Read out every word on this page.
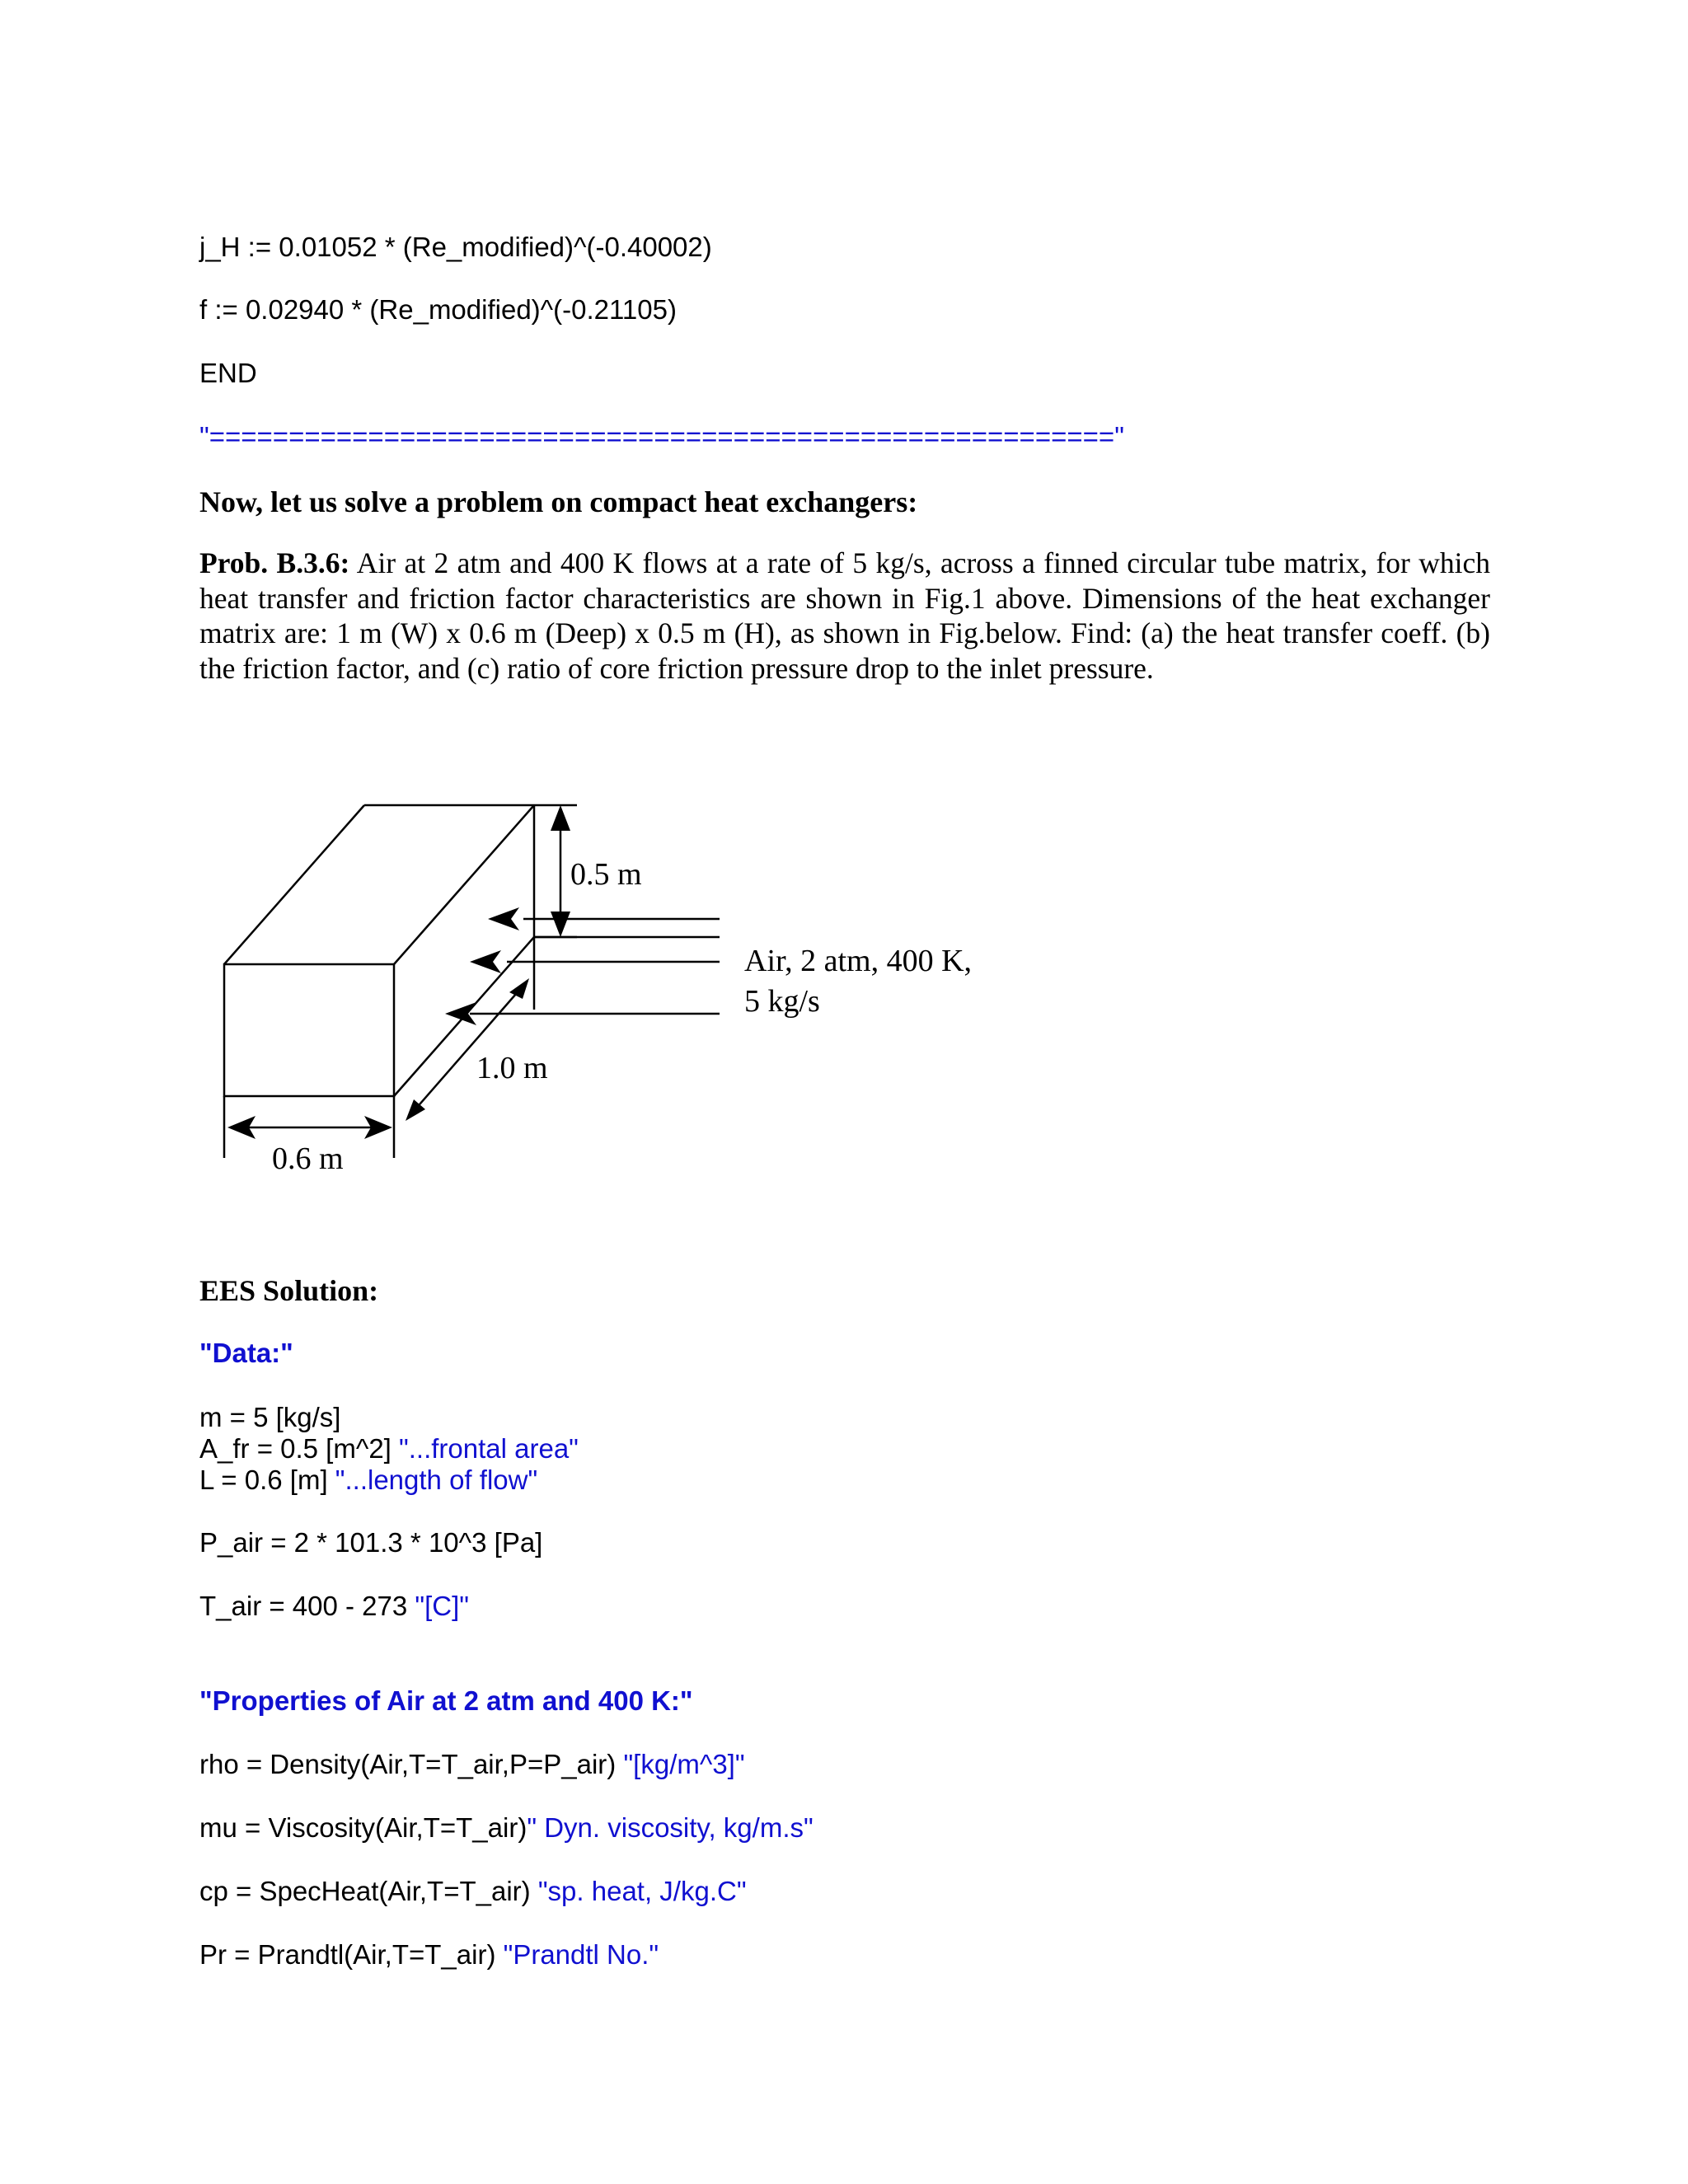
j_H := 0.01052 * (Re_modified)^(-0.40002)
f := 0.02940 * (Re_modified)^(-0.21105)
END
"========================================================="
Now, let us solve a problem on compact heat exchangers:
Prob. B.3.6: Air at 2 atm and 400 K flows at a rate of 5 kg/s, across a finned circular tube matrix, for which heat transfer and friction factor characteristics are shown in Fig.1 above. Dimensions of the heat exchanger matrix are: 1 m (W) x 0.6 m (Deep) x 0.5 m (H), as shown in Fig.below. Find: (a) the heat transfer coeff. (b) the friction factor, and (c) ratio of core friction pressure drop to the inlet pressure.
0.5 m
Air, 2 atm, 400 K,
5 kg/s
1.0 m
0.6 m
EES Solution:
"Data:"
m = 5 [kg/s]
A_fr = 0.5 [m^2] "...frontal area"
L = 0.6 [m] "...length of flow"
P_air = 2 * 101.3 * 10^3 [Pa]
T_air = 400 - 273 "[C]"
"Properties of Air at 2 atm and 400 K:"
rho = Density(Air,T=T_air,P=P_air) "[kg/m^3]"
mu = Viscosity(Air,T=T_air)" Dyn. viscosity, kg/m.s"
cp = SpecHeat(Air,T=T_air) "sp. heat, J/kg.C"
Pr = Prandtl(Air,T=T_air) "Prandtl No."
